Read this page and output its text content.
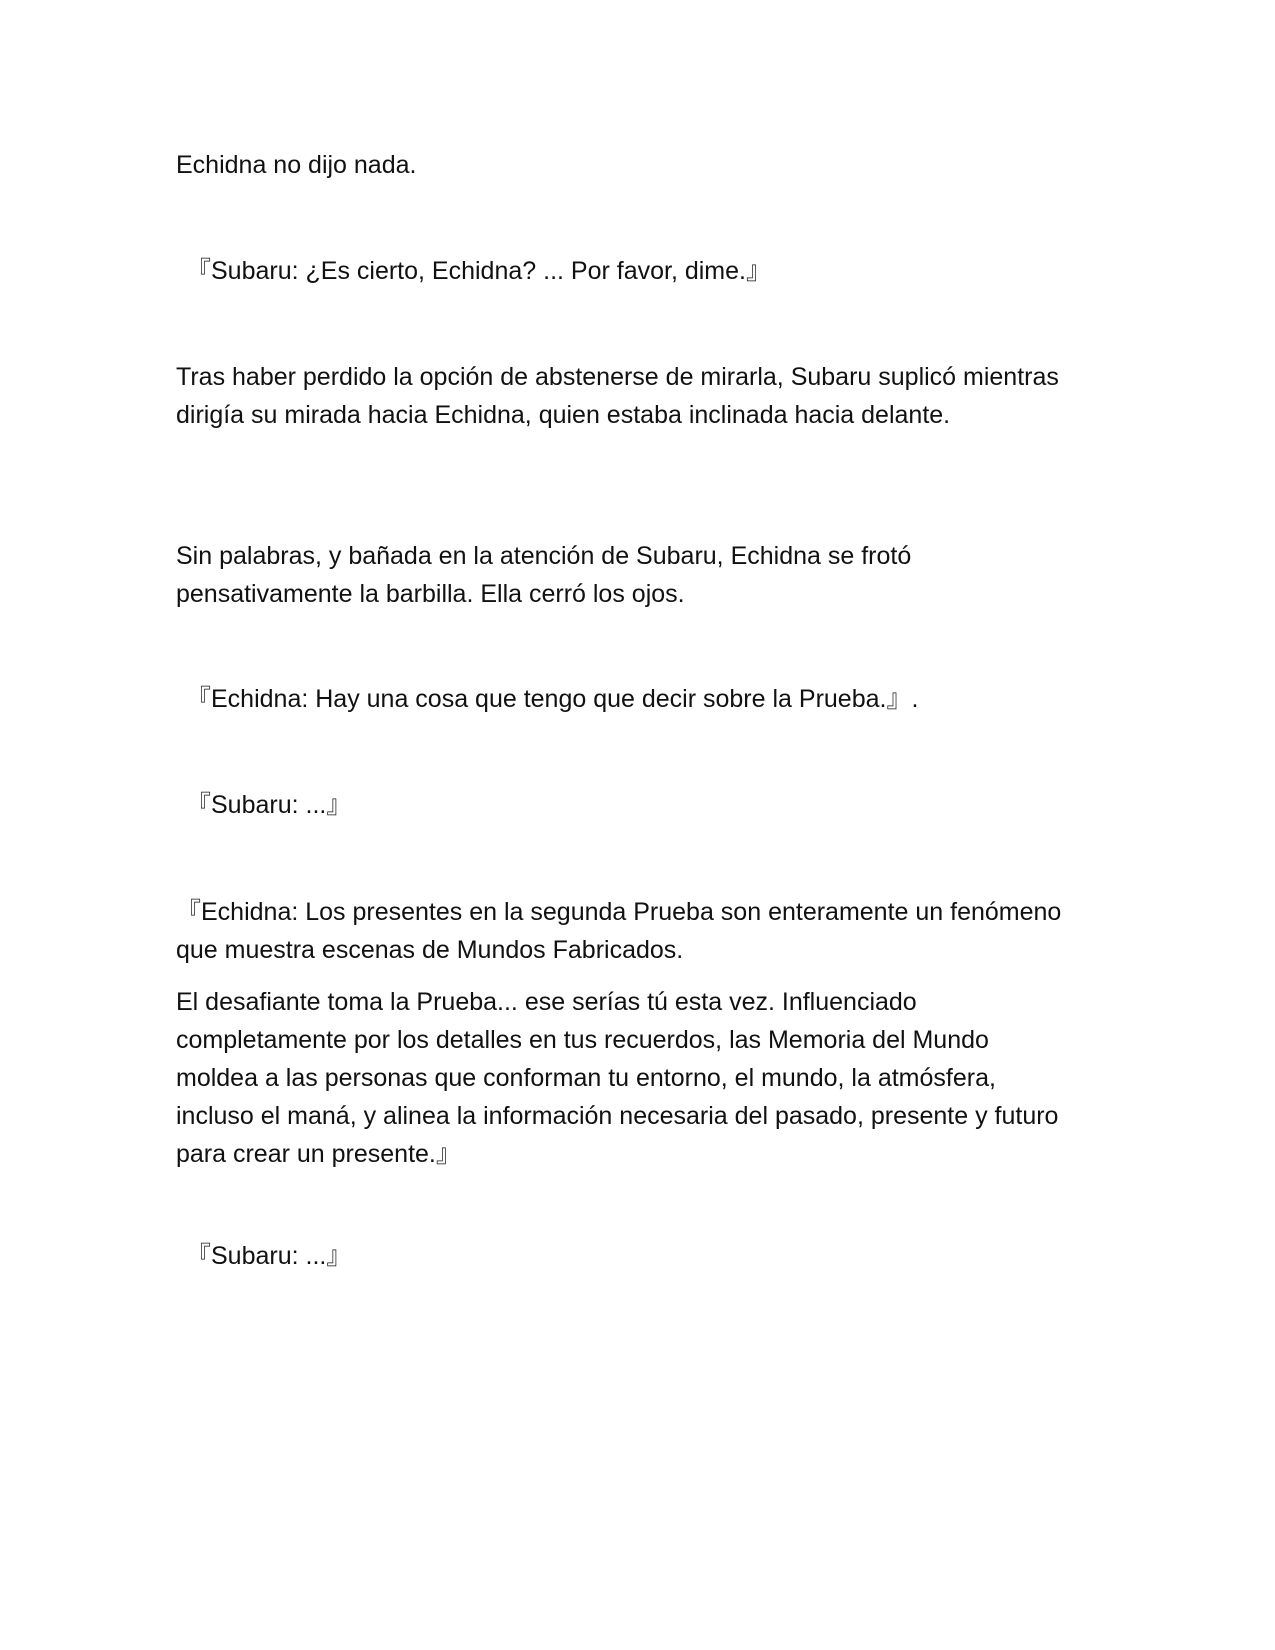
Echidna no dijo nada.

『Subaru: ¿Es cierto, Echidna? ... Por favor, dime.』

Tras haber perdido la opción de abstenerse de mirarla, Subaru suplicó mientras dirigía su mirada hacia Echidna, quien estaba inclinada hacia delante.

Sin palabras, y bañada en la atención de Subaru, Echidna se frotó pensativamente la barbilla. Ella cerró los ojos.

『Echidna: Hay una cosa que tengo que decir sobre la Prueba.』.

『Subaru: ...』

『Echidna: Los presentes en la segunda Prueba son enteramente un fenómeno que muestra escenas de Mundos Fabricados.

El desafiante toma la Prueba... ese serías tú esta vez. Influenciado completamente por los detalles en tus recuerdos, las Memoria del Mundo moldea a las personas que conforman tu entorno, el mundo, la atmósfera, incluso el maná, y alinea la información necesaria del pasado, presente y futuro para crear un presente.』

『Subaru: ...』
